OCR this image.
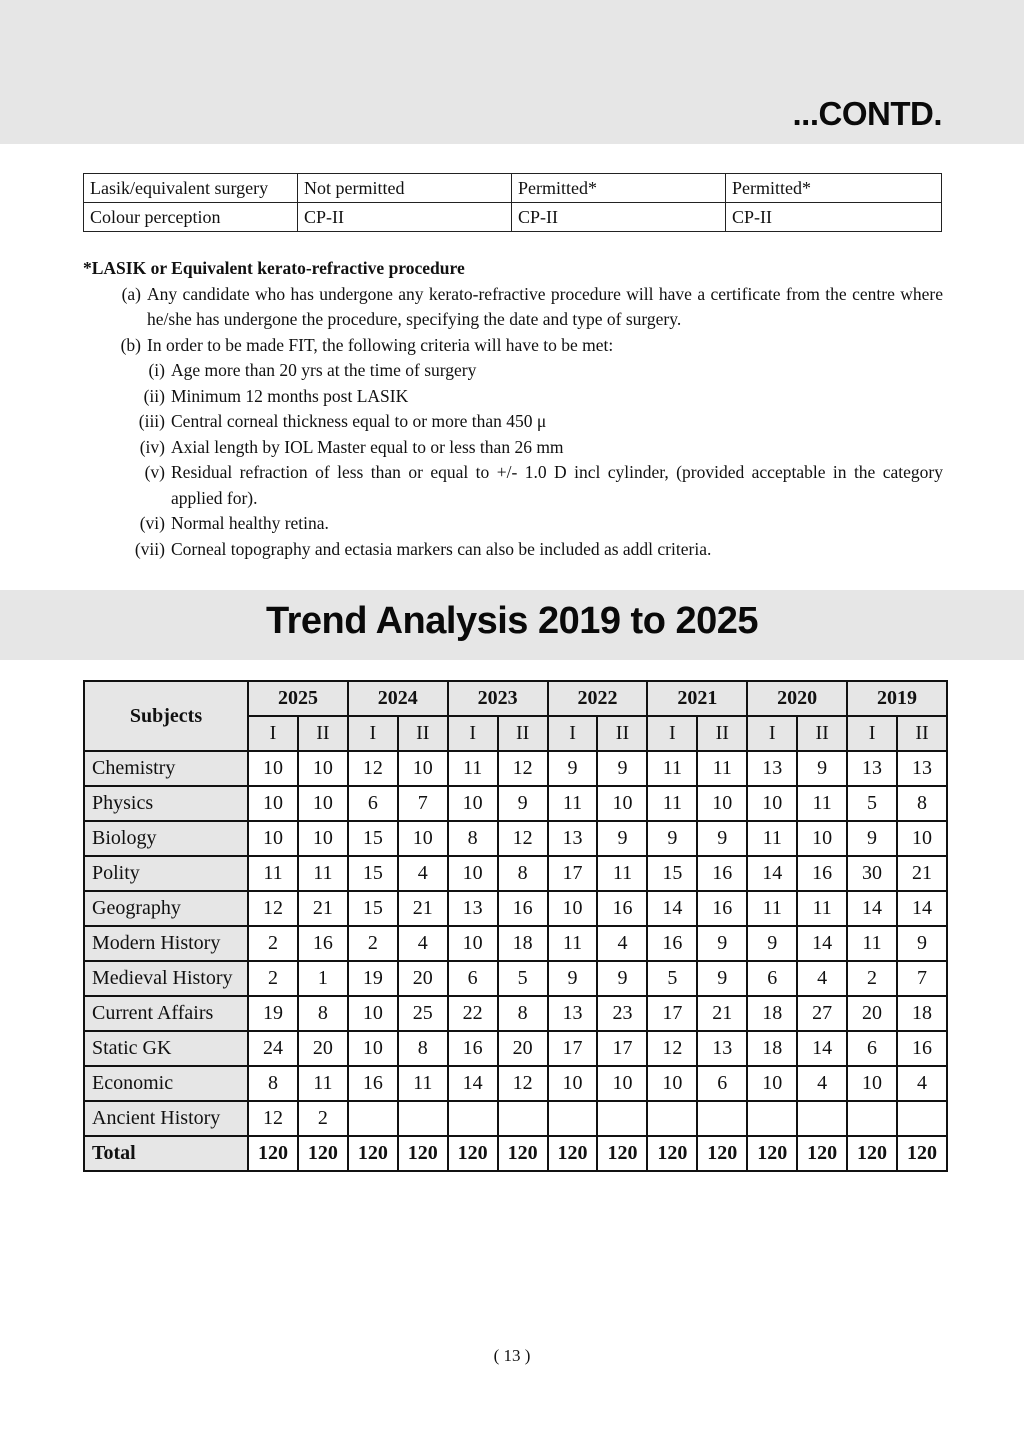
...CONTD.
Lasik/equivalent surgery	Not permitted	Permitted*	Permitted*
Colour perception	CP-II	CP-II	CP-II
*LASIK or Equivalent kerato-refractive procedure
(a) Any candidate who has undergone any kerato-refractive procedure will have a certificate from the centre where he/she has undergone the procedure, specifying the date and type of surgery.
(b) In order to be made FIT, the following criteria will have to be met:
(i) Age more than 20 yrs at the time of surgery
(ii) Minimum 12 months post LASIK
(iii) Central corneal thickness equal to or more than 450 μ
(iv) Axial length by IOL Master equal to or less than 26 mm
(v) Residual refraction of less than or equal to +/- 1.0 D incl cylinder, (provided acceptable in the category applied for).
(vi) Normal healthy retina.
(vii) Corneal topography and ectasia markers can also be included as addl criteria.
Trend Analysis 2019 to 2025
Subjects	2025		2024		2023		2022		2021		2020		2019	
	I	II	I	II	I	II	I	II	I	II	I	II	I	II
Chemistry	10	10	12	10	11	12	9	9	11	11	13	9	13	13
Physics	10	10	6	7	10	9	11	10	11	10	10	11	5	8
Biology	10	10	15	10	8	12	13	9	9	9	11	10	9	10
Polity	11	11	15	4	10	8	17	11	15	16	14	16	30	21
Geography	12	21	15	21	13	16	10	16	14	16	11	11	14	14
Modern History	2	16	2	4	10	18	11	4	16	9	9	14	11	9
Medieval History	2	1	19	20	6	5	9	9	5	9	6	4	2	7
Current Affairs	19	8	10	25	22	8	13	23	17	21	18	27	20	18
Static GK	24	20	10	8	16	20	17	17	12	13	18	14	6	16
Economic	8	11	16	11	14	12	10	10	10	6	10	4	10	4
Ancient History	12	2												
Total	120	120	120	120	120	120	120	120	120	120	120	120	120	120
( 13 )
